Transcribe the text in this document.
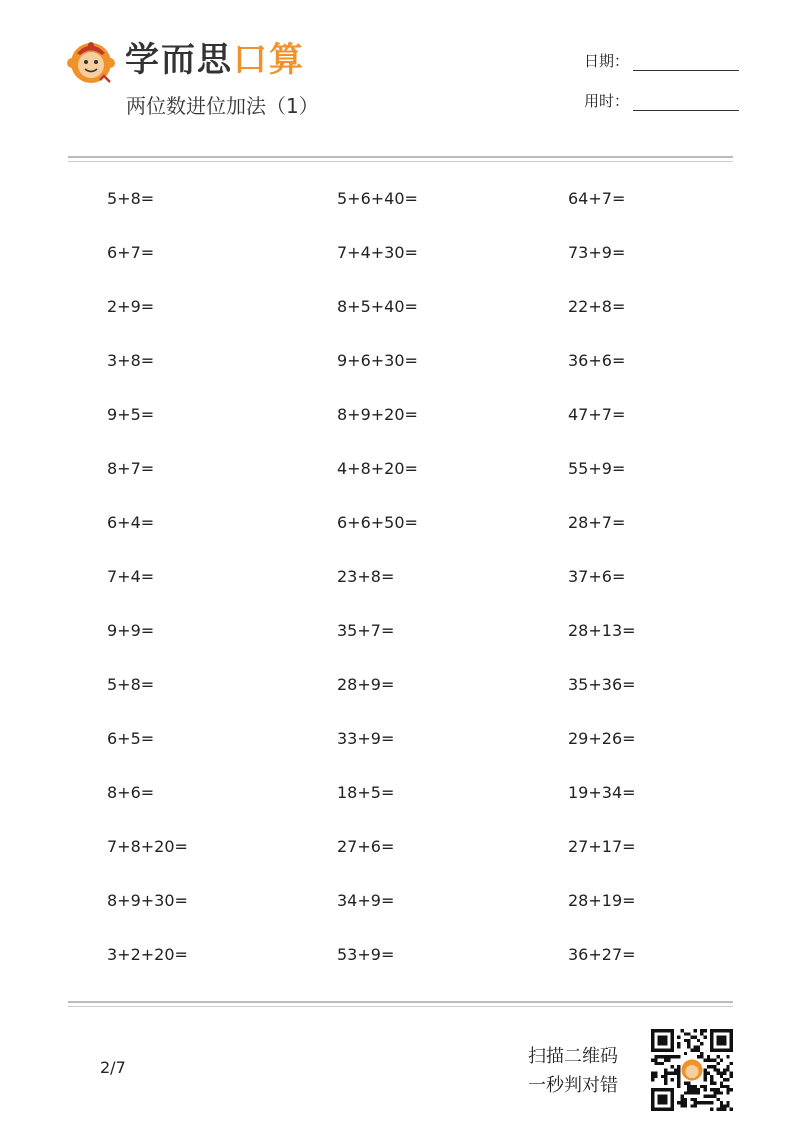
学而思口算
两位数进位加法（1）
日期：
用时：
5+8=	5+6+40=	64+7=
6+7=	7+4+30=	73+9=
2+9=	8+5+40=	22+8=
3+8=	9+6+30=	36+6=
9+5=	8+9+20=	47+7=
8+7=	4+8+20=	55+9=
6+4=	6+6+50=	28+7=
7+4=	23+8=	37+6=
9+9=	35+7=	28+13=
5+8=	28+9=	35+36=
6+5=	33+9=	29+26=
8+6=	18+5=	19+34=
7+8+20=	27+6=	27+17=
8+9+30=	34+9=	28+19=
3+2+20=	53+9=	36+27=
2/7
扫描二维码
一秒判对错
